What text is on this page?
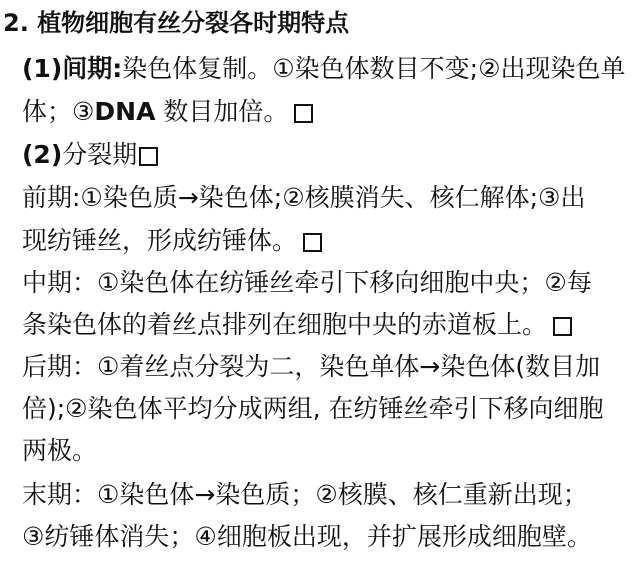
2. 植物细胞有丝分裂各时期特点
(1)间期:染色体复制。①染色体数目不变;②出现染色单
体；③DNA 数目加倍。
(2)分裂期
前期:①染色质→染色体;②核膜消失、核仁解体;③出
现纺锤丝，形成纺锤体。
中期：①染色体在纺锤丝牵引下移向细胞中央；②每
条染色体的着丝点排列在细胞中央的赤道板上。
后期：①着丝点分裂为二，染色单体→染色体(数目加
倍);②染色体平均分成两组, 在纺锤丝牵引下移向细胞
两极。
末期：①染色体→染色质；②核膜、核仁重新出现；
③纺锤体消失；④细胞板出现，并扩展形成细胞壁。
